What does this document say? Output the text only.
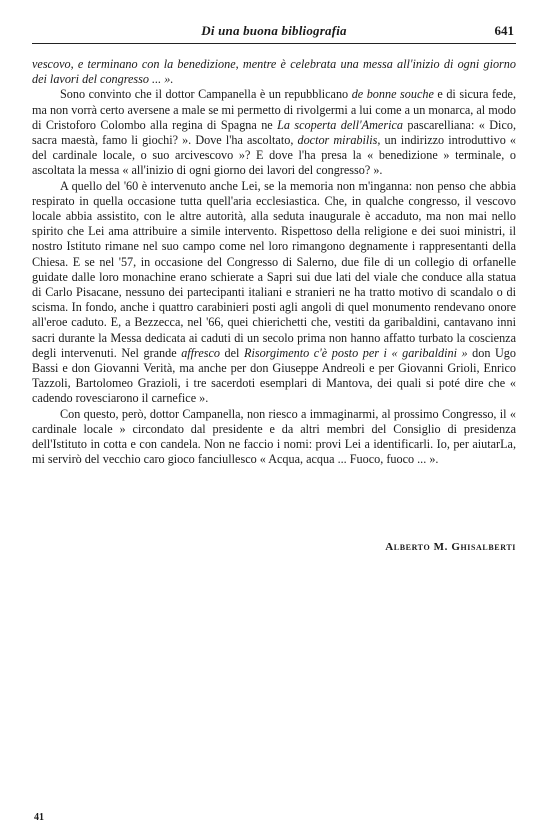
Di una buona bibliografia	641

vescovo, e terminano con la benedizione, mentre è celebrata una messa all'inizio di ogni giorno dei lavori del congresso ... ».

Sono convinto che il dottor Campanella è un repubblicano de bonne souche e di sicura fede, ma non vorrà certo aversene a male se mi permetto di rivolgermi a lui come a un monarca, al modo di Cristoforo Colombo alla regina di Spagna ne La scoperta dell'America pascarelliana: « Dico, sacra maestà, famo li giochi? ». Dove l'ha ascoltato, doctor mirabilis, un indirizzo introduttivo « del cardinale locale, o suo arcivescovo »? E dove l'ha presa la « benedizione » terminale, o ascoltata la messa « all'inizio di ogni giorno dei lavori del congresso? ».

A quello del '60 è intervenuto anche Lei, se la memoria non m'inganna: non penso che abbia respirato in quella occasione tutta quell'aria ecclesiastica. Che, in qualche congresso, il vescovo locale abbia assistito, con le altre autorità, alla seduta inaugurale è accaduto, ma non mai nello spirito che Lei ama attribuire a simile intervento. Rispettoso della religione e dei suoi ministri, il nostro Istituto rimane nel suo campo come nel loro rimangono degnamente i rappresentanti della Chiesa. E se nel '57, in occasione del Congresso di Salerno, due file di un collegio di orfanelle guidate dalle loro monachine erano schierate a Sapri sui due lati del viale che conduce alla statua di Carlo Pisacane, nessuno dei partecipanti italiani e stranieri ne ha tratto motivo di scandalo o di scisma. In fondo, anche i quattro carabinieri posti agli angoli di quel monumento rendevano onore all'eroe caduto. E, a Bezzecca, nel '66, quei chierichetti che, vestiti da garibaldini, cantavano inni sacri durante la Messa dedicata ai caduti di un secolo prima non hanno affatto turbato la coscienza degli intervenuti. Nel grande affresco del Risorgimento c'è posto per i « garibaldini » don Ugo Bassi e don Giovanni Verità, ma anche per don Giuseppe Andreoli e per Giovanni Grioli, Enrico Tazzoli, Bartolomeo Grazioli, i tre sacerdoti esemplari di Mantova, dei quali si poté dire che « cadendo rovesciarono il carnefice ».

Con questo, però, dottor Campanella, non riesco a immaginarmi, al prossimo Congresso, il « cardinale locale » circondato dal presidente e da altri membri del Consiglio di presidenza dell'Istituto in cotta e con candela. Non ne faccio i nomi: provi Lei a identificarli. Io, per aiutarLa, mi servirò del vecchio caro gioco fanciullesco « Acqua, acqua ... Fuoco, fuoco ... ».

Alberto M. Ghisalberti
41
